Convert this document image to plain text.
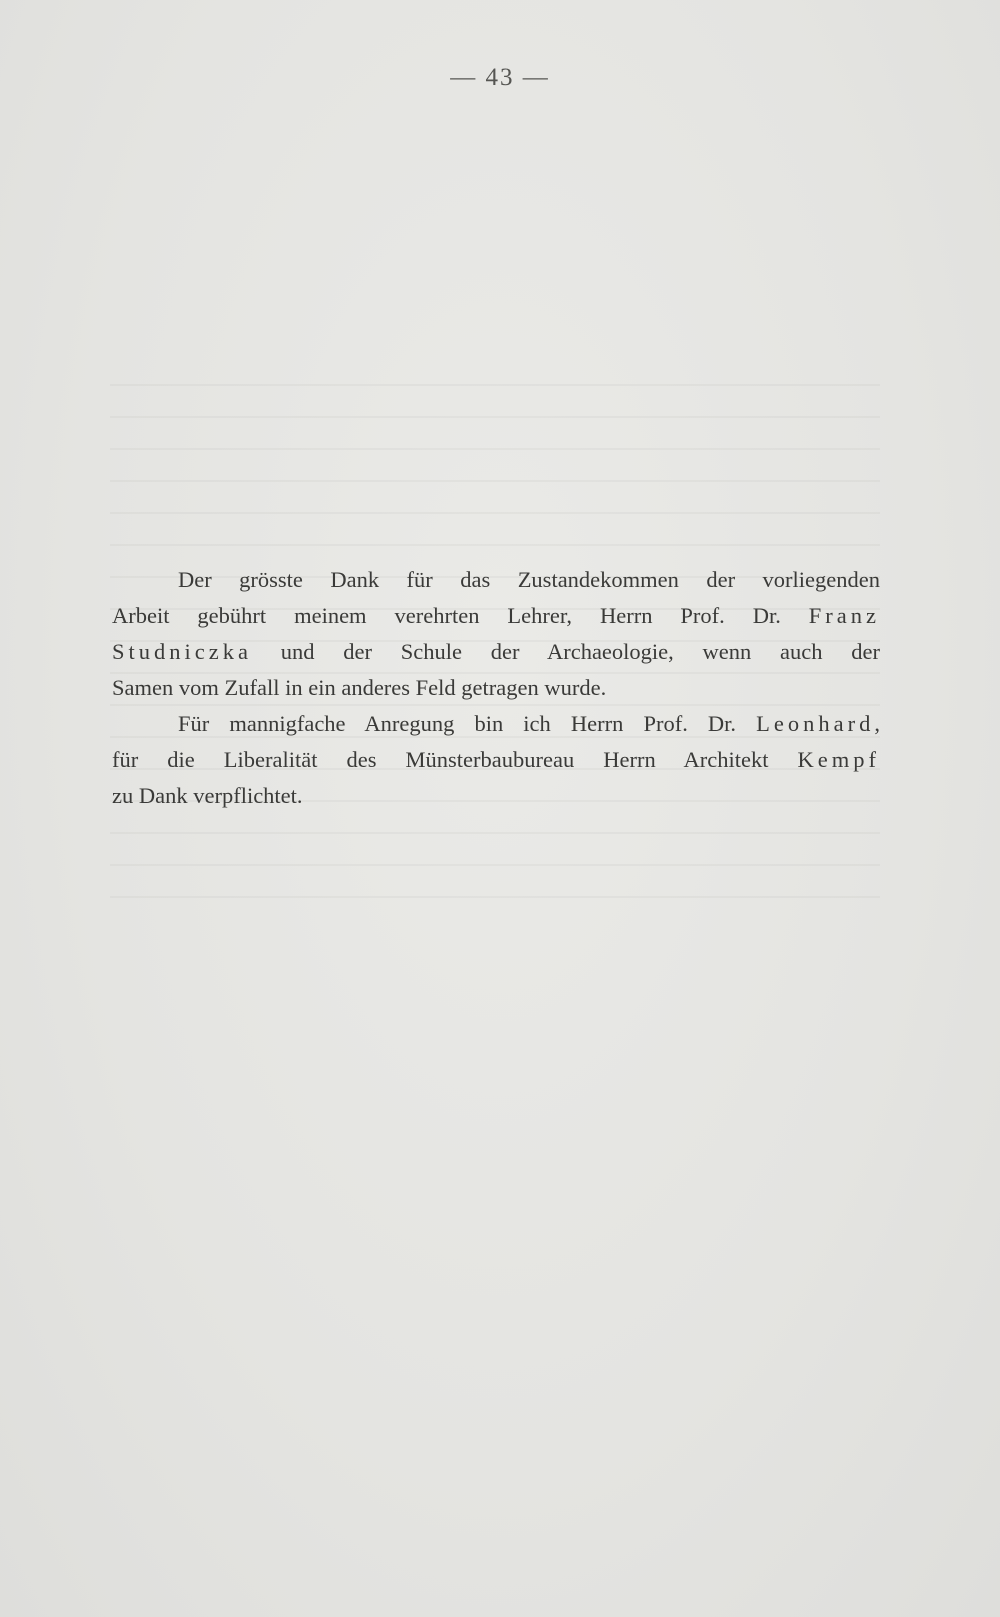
— 43 —

Der grösste Dank für das Zustandekommen der vorliegenden
Arbeit gebührt meinem verehrten Lehrer, Herrn Prof. Dr. Franz
Studniczka und der Schule der Archaeologie, wenn auch der
Samen vom Zufall in ein anderes Feld getragen wurde.

Für mannigfache Anregung bin ich Herrn Prof. Dr. Leonhard,
für die Liberalität des Münsterbaubureau Herrn Architekt Kempf
zu Dank verpflichtet.
